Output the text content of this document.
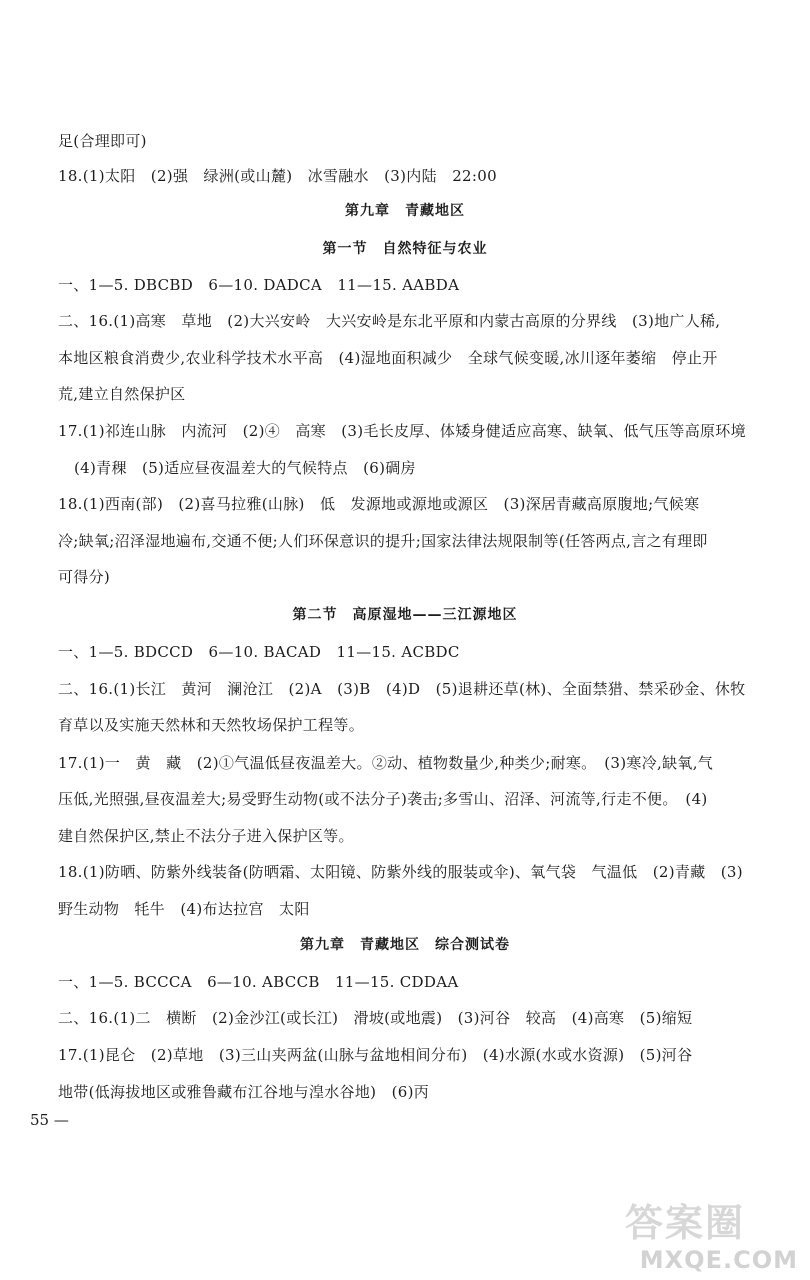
足(合理即可)
18.(1)太阳　(2)强　绿洲(或山麓)　冰雪融水　(3)内陆　22:00
第九章　青藏地区
第一节　自然特征与农业
一、1—5. DBCBD　6—10. DADCA　11—15. AABDA
二、16.(1)高寒　草地　(2)大兴安岭　大兴安岭是东北平原和内蒙古高原的分界线　(3)地广人稀,
本地区粮食消费少,农业科学技术水平高　(4)湿地面积减少　全球气候变暖,冰川逐年萎缩　停止开
荒,建立自然保护区
17.(1)祁连山脉　内流河　(2)④　高寒　(3)毛长皮厚、体矮身健适应高寒、缺氧、低气压等高原环境
(4)青稞　(5)适应昼夜温差大的气候特点　(6)碉房
18.(1)西南(部)　(2)喜马拉雅(山脉)　低　发源地或源地或源区　(3)深居青藏高原腹地;气候寒
冷;缺氧;沼泽湿地遍布,交通不便;人们环保意识的提升;国家法律法规限制等(任答两点,言之有理即
可得分)
第二节　高原湿地——三江源地区
一、1—5. BDCCD　6—10. BACAD　11—15. ACBDC
二、16.(1)长江　黄河　澜沧江　(2)A　(3)B　(4)D　(5)退耕还草(林)、全面禁猎、禁采砂金、休牧
育草以及实施天然林和天然牧场保护工程等。
17.(1)一　黄　藏　(2)①气温低昼夜温差大。②动、植物数量少,种类少;耐寒。　(3)寒冷,缺氧,气
压低,光照强,昼夜温差大;易受野生动物(或不法分子)袭击;多雪山、沼泽、河流等,行走不便。　(4)
建自然保护区,禁止不法分子进入保护区等。
18.(1)防晒、防紫外线装备(防晒霜、太阳镜、防紫外线的服装或伞)、氧气袋　气温低　(2)青藏　(3)
野生动物　牦牛　(4)布达拉宫　太阳
第九章　青藏地区　综合测试卷
一、1—5. BCCCA　6—10. ABCCB　11—15. CDDAA
二、16.(1)二　横断　(2)金沙江(或长江)　滑坡(或地震)　(3)河谷　较高　(4)高寒　(5)缩短
17.(1)昆仑　(2)草地　(3)三山夹两盆(山脉与盆地相间分布)　(4)水源(水或水资源)　(5)河谷
地带(低海拔地区或雅鲁藏布江谷地与湟水谷地)　(6)丙
55 —
答案圈
MXQE.COM
